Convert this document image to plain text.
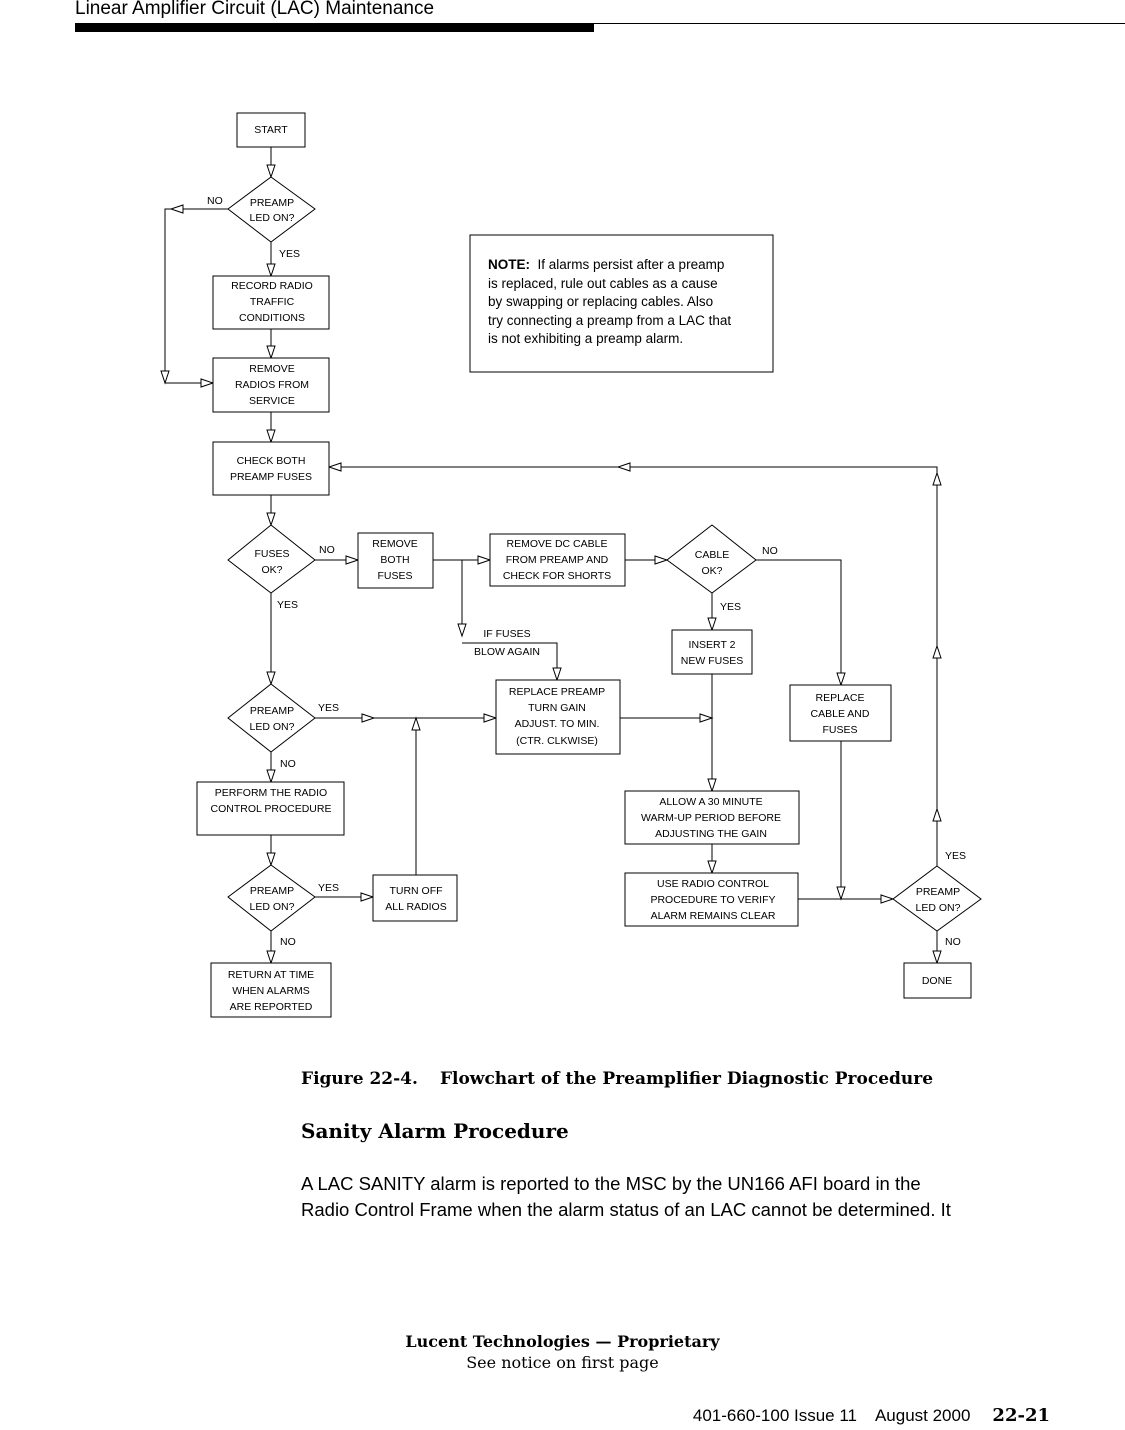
Linear Amplifier Circuit (LAC) Maintenance
START
PREAMP
LED ON?
NO
YES
RECORD RADIO
TRAFFIC
CONDITIONS
REMOVE
RADIOS FROM
SERVICE
CHECK BOTH
PREAMP FUSES
FUSES
OK?
NO
YES
REMOVE
BOTH
FUSES
REMOVE DC CABLE
FROM PREAMP AND
CHECK FOR SHORTS
CABLE
OK?
NO
YES
IF FUSES
BLOW AGAIN
INSERT 2
NEW FUSES
PREAMP
LED ON?
YES
NO
REPLACE PREAMP
TURN GAIN
ADJUST. TO MIN.
(CTR. CLKWISE)
REPLACE
CABLE AND
FUSES
PERFORM THE RADIO
CONTROL PROCEDURE
ALLOW A 30 MINUTE
WARM-UP PERIOD BEFORE
ADJUSTING THE GAIN
PREAMP
LED ON?
YES
NO
TURN OFF
ALL RADIOS
USE RADIO CONTROL
PROCEDURE TO VERIFY
ALARM REMAINS CLEAR
PREAMP
LED ON?
YES
NO
RETURN AT TIME
WHEN ALARMS
ARE REPORTED
DONE
NOTE: If alarms persist after a preamp
is replaced, rule out cables as a cause
by swapping or replacing cables. Also
try connecting a preamp from a LAC that
is not exhibiting a preamp alarm.
Figure 22-4. Flowchart of the Preamplifier Diagnostic Procedure
Sanity Alarm Procedure
A LAC SANITY alarm is reported to the MSC by the UN166 AFI board in the
Radio Control Frame when the alarm status of an LAC cannot be determined. It
Lucent Technologies — Proprietary
See notice on first page
401-660-100 Issue 11    August 2000 22-21
